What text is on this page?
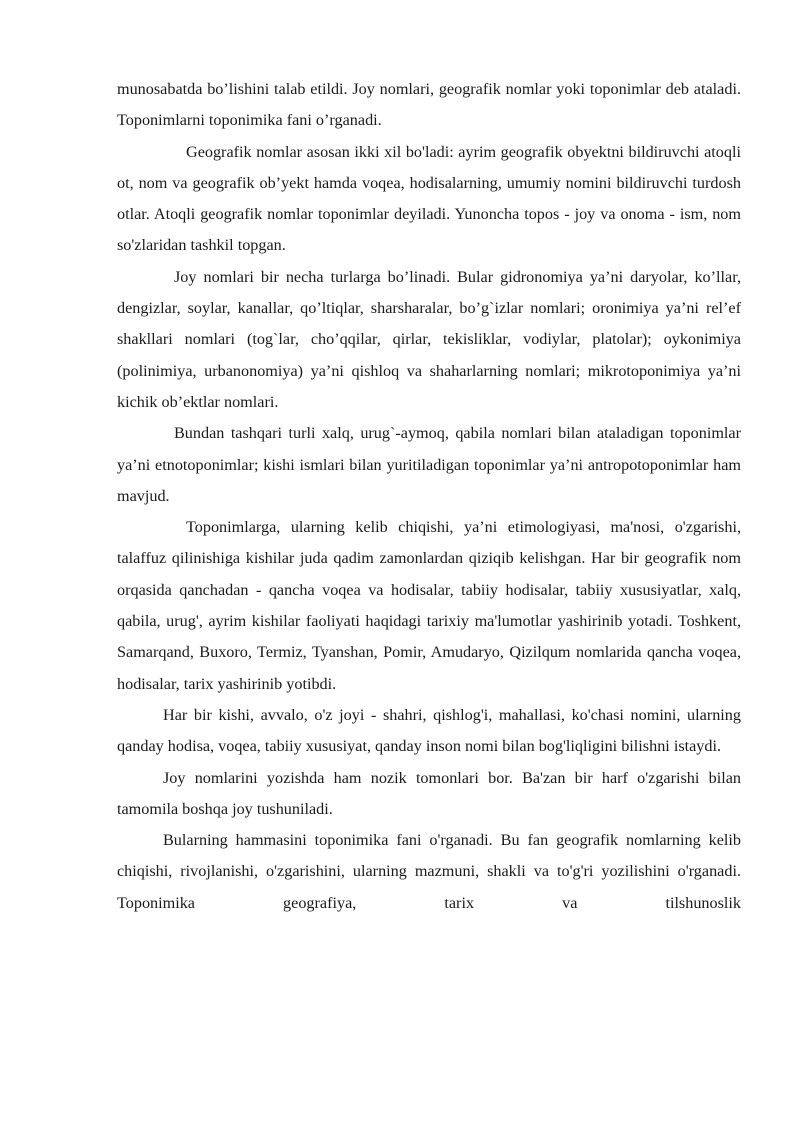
munosabatda bo’lishini talab etildi. Joy nomlari, geografik nomlar yoki toponimlar deb ataladi. Toponimlarni toponimika fani o’rganadi.

Geografik nomlar asosan ikki xil bo'ladi: ayrim geografik obyektni bildiruvchi atoqli ot, nom va geografik ob’yekt hamda voqea, hodisalarning, umumiy nomini bildiruvchi turdosh otlar. Atoqli geografik nomlar toponimlar deyiladi. Yunoncha topos - joy va onoma - ism, nom so'zlaridan tashkil topgan.

Joy nomlari bir necha turlarga bo’linadi. Bular gidronomiya ya’ni daryolar, ko’llar, dengizlar, soylar, kanallar, qo’ltiqlar, sharsharalar, bo’g`izlar nomlari; oronimiya ya’ni rel’ef shakllari nomlari (tog`lar, cho’qqilar, qirlar, tekisliklar, vodiylar, platolar); oykonimiya (polinimiya, urbanonomiya) ya’ni qishloq va shaharlarning nomlari; mikrotoponimiya ya’ni kichik ob’ektlar nomlari.

Bundan tashqari turli xalq, urug`-aymoq, qabila nomlari bilan ataladigan toponimlar ya’ni etnotoponimlar; kishi ismlari bilan yuritiladigan toponimlar ya’ni antropotoponimlar ham mavjud.

Toponimlarga, ularning kelib chiqishi, ya’ni etimologiyasi, ma'nosi, o'zgarishi, talaffuz qilinishiga kishilar juda qadim zamonlardan qiziqib kelishgan. Har bir geografik nom orqasida qanchadan - qancha voqea va hodisalar, tabiiy hodisalar, tabiiy xususiyatlar, xalq, qabila, urug', ayrim kishilar faoliyati haqidagi tarixiy ma'lumotlar yashirinib yotadi. Toshkent, Samarqand, Buxoro, Termiz, Tyanshan, Pomir, Amudaryo, Qizilqum nomlarida qancha voqea, hodisalar, tarix yashirinib yotibdi.

Har bir kishi, avvalo, o'z joyi - shahri, qishlog'i, mahallasi, ko'chasi nomini, ularning qanday hodisa, voqea, tabiiy xususiyat, qanday inson nomi bilan bog'liqligini bilishni istaydi.

Joy nomlarini yozishda ham nozik tomonlari bor. Ba'zan bir harf o'zgarishi bilan tamomila boshqa joy tushuniladi.

Bularning hammasini toponimika fani o'rganadi. Bu fan geografik nomlarning kelib chiqishi, rivojlanishi, o'zgarishini, ularning mazmuni, shakli va to'g'ri yozilishini o'rganadi. Toponimika geografiya, tarix va tilshunoslik
